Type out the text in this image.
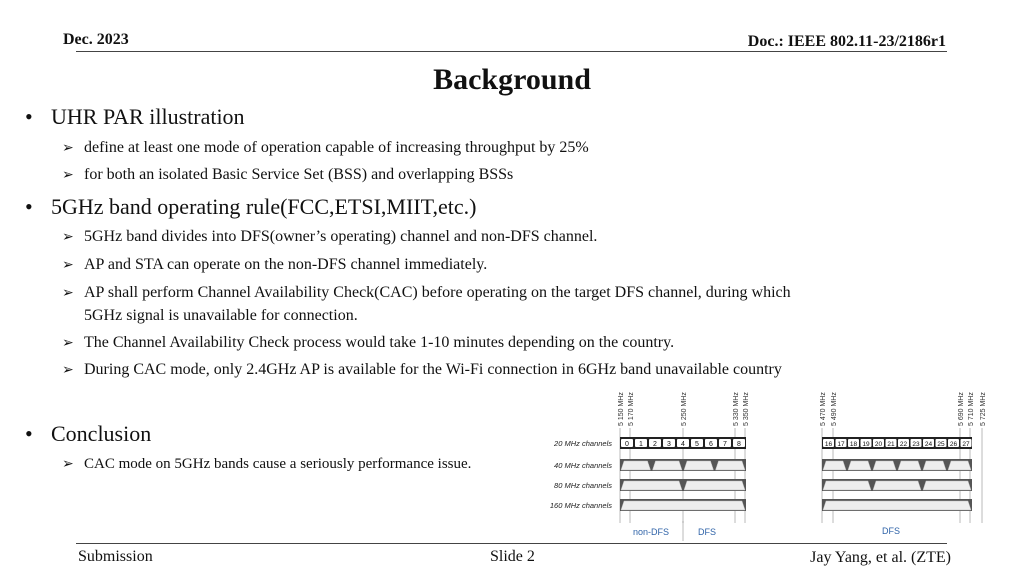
Dec. 2023	Doc.: IEEE 802.11-23/2186r1
Background
• UHR PAR illustration
➢ define at least one mode of operation capable of increasing throughput by 25%
➢ for both an isolated Basic Service Set (BSS) and overlapping BSSs
• 5GHz band operating rule(FCC,ETSI,MIIT,etc.)
➢ 5GHz band divides into DFS(owner’s operating) channel and non-DFS channel.
➢ AP and STA can operate on the non-DFS channel immediately.
➢ AP shall perform Channel Availability Check(CAC) before operating on the target DFS channel, during which
5GHz signal is unavailable for connection.
➢ The Channel Availability Check process would take 1-10 minutes depending on the country.
➢ During CAC mode, only 2.4GHz AP is available for the Wi-Fi connection in 6GHz band unavailable country
• Conclusion
➢ CAC mode on 5GHz bands cause a seriously performance issue.
5 150 MHz 5 170 MHz	5 250 MHz	5 330 MHz 5 350 MHz	5 470 MHz 5 490 MHz	5 690 MHz 5 710 MHz 5 725 MHz
20 MHz channels
40 MHz channels
80 MHz channels
160 MHz channels
0 1 2 3 4 5 6 7 8	16 17 18 19 20 21 22 23 24 25 26 27
non-DFS	DFS	DFS
Submission	Slide 2	Jay Yang, et al. (ZTE)
